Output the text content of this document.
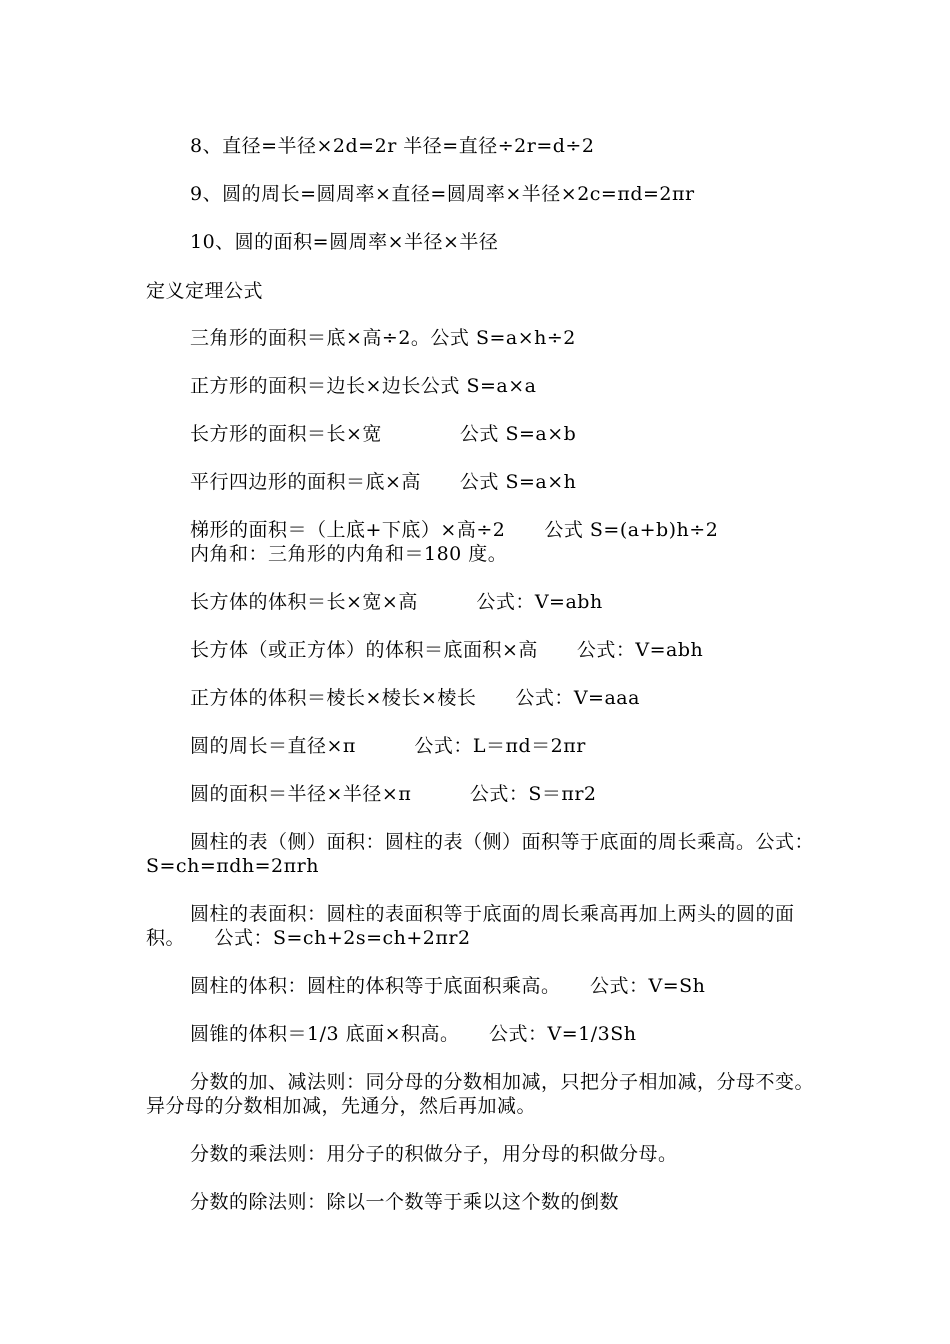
8、直径=半径×2d=2r 半径=直径÷2r=d÷2
9、圆的周长=圆周率×直径=圆周率×半径×2c=πd=2πr
10、圆的面积=圆周率×半径×半径
定义定理公式
三角形的面积＝底×高÷2。公式 S=a×h÷2
正方形的面积＝边长×边长公式 S=a×a
长方形的面积＝长×宽　　　　公式 S=a×b
平行四边形的面积＝底×高　　公式 S=a×h
梯形的面积＝（上底+下底）×高÷2　　公式 S=(a+b)h÷2
内角和：三角形的内角和＝180 度。
长方体的体积＝长×宽×高　　　公式：V=abh
长方体（或正方体）的体积＝底面积×高　　公式：V=abh
正方体的体积＝棱长×棱长×棱长　　公式：V=aaa
圆的周长＝直径×π　　　公式：L＝πd＝2πr
圆的面积＝半径×半径×π　　　公式：S＝πr2
圆柱的表（侧）面积：圆柱的表（侧）面积等于底面的周长乘高。公式：S=ch=πdh=2πrh
圆柱的表面积：圆柱的表面积等于底面的周长乘高再加上两头的圆的面积。　　公式：S=ch+2s=ch+2πr2
圆柱的体积：圆柱的体积等于底面积乘高。　　公式：V=Sh
圆锥的体积＝1/3 底面×积高。　　公式：V=1/3Sh
分数的加、减法则：同分母的分数相加减，只把分子相加减，分母不变。异分母的分数相加减，先通分，然后再加减。
分数的乘法则：用分子的积做分子，用分母的积做分母。
分数的除法则：除以一个数等于乘以这个数的倒数
